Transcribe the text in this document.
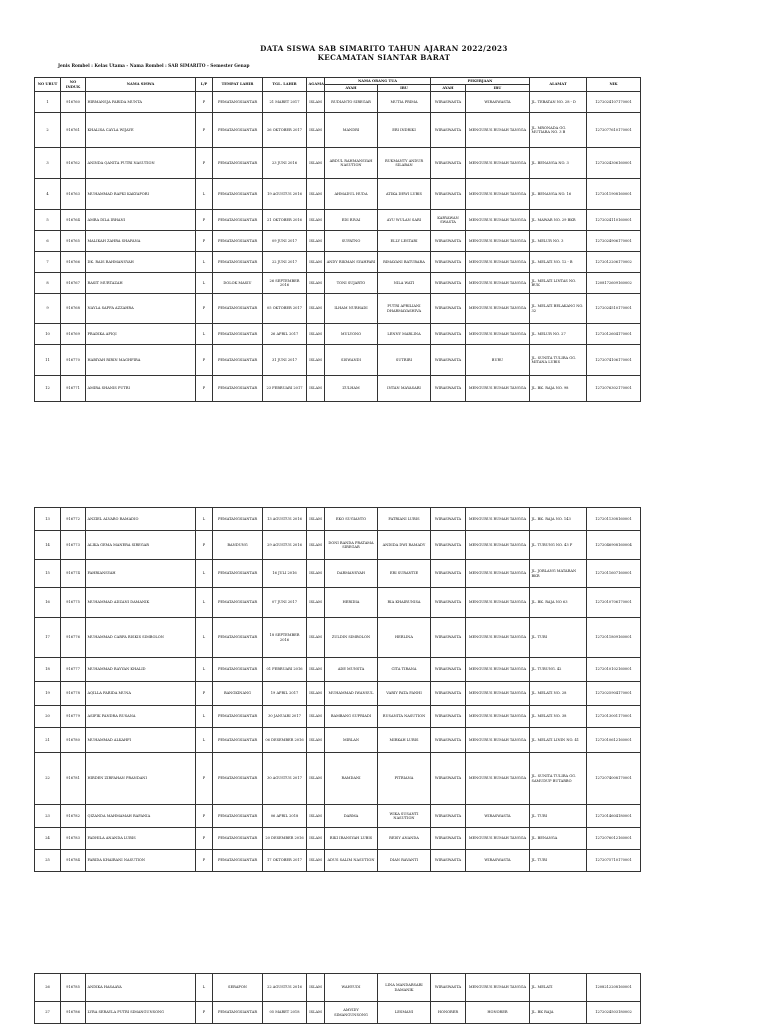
DATA SISWA SAB SIMARITO TAHUN AJARAN 2022/2023
KECAMATAN SIANTAR BARAT
Jenis Rombel : Kelas Utama - Nama Rombel : SAB SIMARITO - Semester Genap
NO URUT	NO INDUK	NAMA SISWA	L/P	TEMPAT LAHIR	TGL. LAHIR	AGAMA	NAMA ORANG TUA		PEKERJAAN		ALAMAT	NIK
							AYAH	IBU	AYAH	IBU		
1	916760	HIRMANSJA FARIDA MUNTA	P	PEMATANGSIANTAR	21 MARET 2017	ISLAM	RUDIANTO SIREGAR	MUTIA PRIMA	WIRASWASTA	WIRASWASTA	JL. TEBATAN NO. 28 - D	1272024107170001
2	916761	KHALISA CAYLA WIJAYE	P	PEMATANGSIANTAR	26 OKTOBER 2017	ISLAM	MANDRI	ERI INDRIKI	WIRASWASTA	MENGURUS RUMAH TANGGA	JL. MRONADA GG. MUTIARA NO. 3 B	1272077610170001
3	916762	ANINDA QANITA PUTRI NASUTION	P	PEMATANGSIANTAR	23 JUNI 2016	ISLAM	ABDUL RAHMANSYAH NASUTION	RUKMANTY ANDUR SILABAN	WIRASWASTA	MENGURUS RUMAH TANGGA	JL. BENANGA NO. 3	1272024306160001
4	916763	MUHAMMAD RAFKI KAKYAPORI	L	PEMATANGSIANTAR	19 AGUSTUS 2016	ISLAM	AHMADUL HUDA	ATIKA DEWI LUBIS	WIRASWASTA	MENGURUS RUMAH TANGGA	JL. BENANGA NO. 16	1272011908160001
5	916764	AMRA DILA IRHANI	P	PEMATANGSIANTAR	21 OKTOBER 2016	ISLAM	EDI RIVAI	AYU WULAN SARI	KARYAWAN SWASTA	MENGURUS RUMAH TANGGA	JL. MAWAR NO. 29 BKR	1272024110160001
6	916765	MALIKAH ZAHRA SHAFANA	P	PEMATANGSIANTAR	09 JUNI 2017	ISLAM	SUFATNO	ELLY LESTARI	WIRASWASTA	MENGURUS RUMAH TANGGA	JL. MELUR NO. 3	1272024906170001
7	916766	DK. RAIS RAHMANSYAH	L	PEMATANGSIANTAR	22 JUNI 2017	ISLAM	ANDY RIKMAN SYAHPARI	RIMAYANI BATUBARA	WIRASWASTA	MENGURUS RUMAH TANGGA	JL. MELATI NO. 12 - B	1272012206170002
8	916767	RASIT MURTAZAH	L	DOLOK MASIU	26 SEPTEMBER 2016	ISLAM	TONI SUJARTO	NILA WATI	WIRASWASTA	MENGURUS RUMAH TANGGA	JL. MELATI LINTAS NO. BUK	1208172609160002
9	916768	NAYLA SAFFA AZZAHRA	P	PEMATANGSIANTAR	05 OKTOBER 2017	ISLAM	ILHAM NURHADI	PUTRI APRILIANI DHARMAYASHIVA	WIRASWASTA	MENGURUS RUMAH TANGGA	JL. MELATI BELAKANG NO. 32	1272024510170001
10	916769	PRADIKA AFIQI	L	PEMATANGSIANTAR	26 APRIL 2017	ISLAM	MULYONO	LENNY MARLINA	WIRASWASTA	MENGURUS RUMAH TANGGA	JL. MELUR NO. 27	1272012604170001
11	916770	HABIYAH RIRIN MAGHFIRA	P	PEMATANGSIANTAR	31 JUNI 2017	ISLAM	SISWANDI	SUTRIRI	WIRASWASTA	BURU	JL. SUNITA TULIRA GG. MITANA LUBIS	1272074106170001
12	916771	AMIRA SHANIS PUTRI	P	PEMATANGSIANTAR	23 FEBRUARI 2017	ISLAM	ZULHAM	INTAN MAYASARI	WIRASWASTA	MENGURUS RUMAH TANGGA	JL. BK. RAJA NO. 98	1272076302170001
13	916772	ANZIEL ALVARO RAMADIO	L	PEMATANGSIANTAR	13 AGUSTUS 2016	ISLAM	EKO SUGIANTO	FATRIANI LUBIS	WIRASWASTA	MENGURUS RUMAH TANGGA	JL. BK. RAJA NO. 143	1272011308160001
14	916773	ALIKA GEMA MANERA SIREGAR	P	BANDUNG	29 AGUSTUS 2016	ISLAM	DONI RANDA PRATAMA SIREGAR	ANDIDA DWI RAMADY	WIRASWASTA	MENGURUS RUMAH TANGGA	JL. TUBUNG NO. 43 F	1272046908160004
15	916774	FAHRIANSYAH	L	PEMATANGSIANTAR	16 JULI 2016	ISLAM	DARMANSYAH	ERI SURANTIE	WIRASWASTA	MENGURUS RUMAH TANGGA	JL. JOBLANG MATARAN BKR	1272011607160001
16	916775	MUHAMMAD ADZANI DAMANIK	L	PEMATANGSIANTAR	07 JUNI 2017	ISLAM	HERIDIA	RIA KHAIRUNISA	WIRASWASTA	MENGURUS RUMAH TANGGA	JL. BK. RAJA NO 63	1272010706170001
17	916776	MUHAMMAD CARFA RISKIS SIMBOLON	L	PEMATANGSIANTAR	18 SEPTEMBER 2016	ISLAM	ZULDIN SIMBOLON	HERLINA	WIRASWASTA	MENGURUS RUMAH TANGGA	JL. TUBI	1272011809160001
18	916777	MUHAMMAD RAYYAN KHALID	L	PEMATANGSIANTAR	01 FEBRUARI 2016	ISLAM	ADE MUNSTA	CITA TIRANA	WIRASWASTA	MENGURUS RUMAH TANGGA	JL. TUBUNG. 42	1272010102160001
19	916778	AQILLA FARIDA MUNA	P	BANGKINANG	19 APRIL 2017	ISLAM	MUHAMMAD IWANSUL	VARIY PATA FANHI	WIRASWASTA	MENGURUS RUMAH TANGGA	JL. MELATI NO. 28	1272025904170001
20	916779	ASIFIK FANDRA RUSANA	L	PEMATANGSIANTAR	30 JANUARI 2017	ISLAM	BAMBANG SUPRIADI	RUSANITA NASUTION	WIRASWASTA	MENGURUS RUMAH TANGGA	JL. MELATI NO. 38	1272013001170001
21	916780	MUHAMMAD ALKAHFI	L	PEMATANGSIANTAR	06 DESEMBER 2016	ISLAM	MIRLAN	MIRKAH LUBIS	WIRASWASTA	MENGURUS RUMAH TANGGA	JL. MELATI LININ NO. 41	1272010612160001
22	916781	HIRDEN ZIRFAHAN PRANDANI	P	PEMATANGSIANTAR	30 AGUSTUS 2017	ISLAM	RAMDANI	FITRIANA	WIRASWASTA	MENGURUS RUMAH TANGGA	JL. SUNITA TULIRA GG. SAMUDUP BUTARBO	1272074008170001
23	916782	QIZANDA MAHMAMAH RAFANIA	P	PEMATANGSIANTAR	06 APRIL 2018	ISLAM	DARMA	WIKA SUSANTI NASUTION	WIRASWASTA	WIRASWASTA	JL. TUBI	1272014604180001
24	916783	FADHILA ANANDA LUBIS	P	PEMATANGSIANTAR	20 DESEMBER 2016	ISLAM	RIKI IRANSYAH LUBIS	REISY ANANDA	WIRASWASTA	MENGURUS RUMAH TANGGA	JL. BENANGA	1272076012160001
25	916784	FARIDA KHAIRANI NASUTION	P	PEMATANGSIANTAR	17 OKTOBER 2017	ISLAM	ADUS SALIM NASUTION	DIAN RAVANTI	WIRASWASTA	WIRASWASTA	JL. TUBI	1272075710170001
26	916785	ANDIKA HASAAYA	L	SERAPON	22 AGUSTUS 2016	ISLAM	WAHYUDI	LINA MANDARSARI DAMANIK	WIRASWASTA	MENGURUS RUMAH TANGGA	JL. MELATI	1208212208160001
27	916786	LYRA SERAYLA PUTRI SIMANGUNSONG	P	PEMATANGSIANTAR	05 MARET 2018	ISLAM	AMVIDY SIMANGUNSONG	LESMANI	HONORER	HONORER	JL. BK RAJA	1272024503180002
